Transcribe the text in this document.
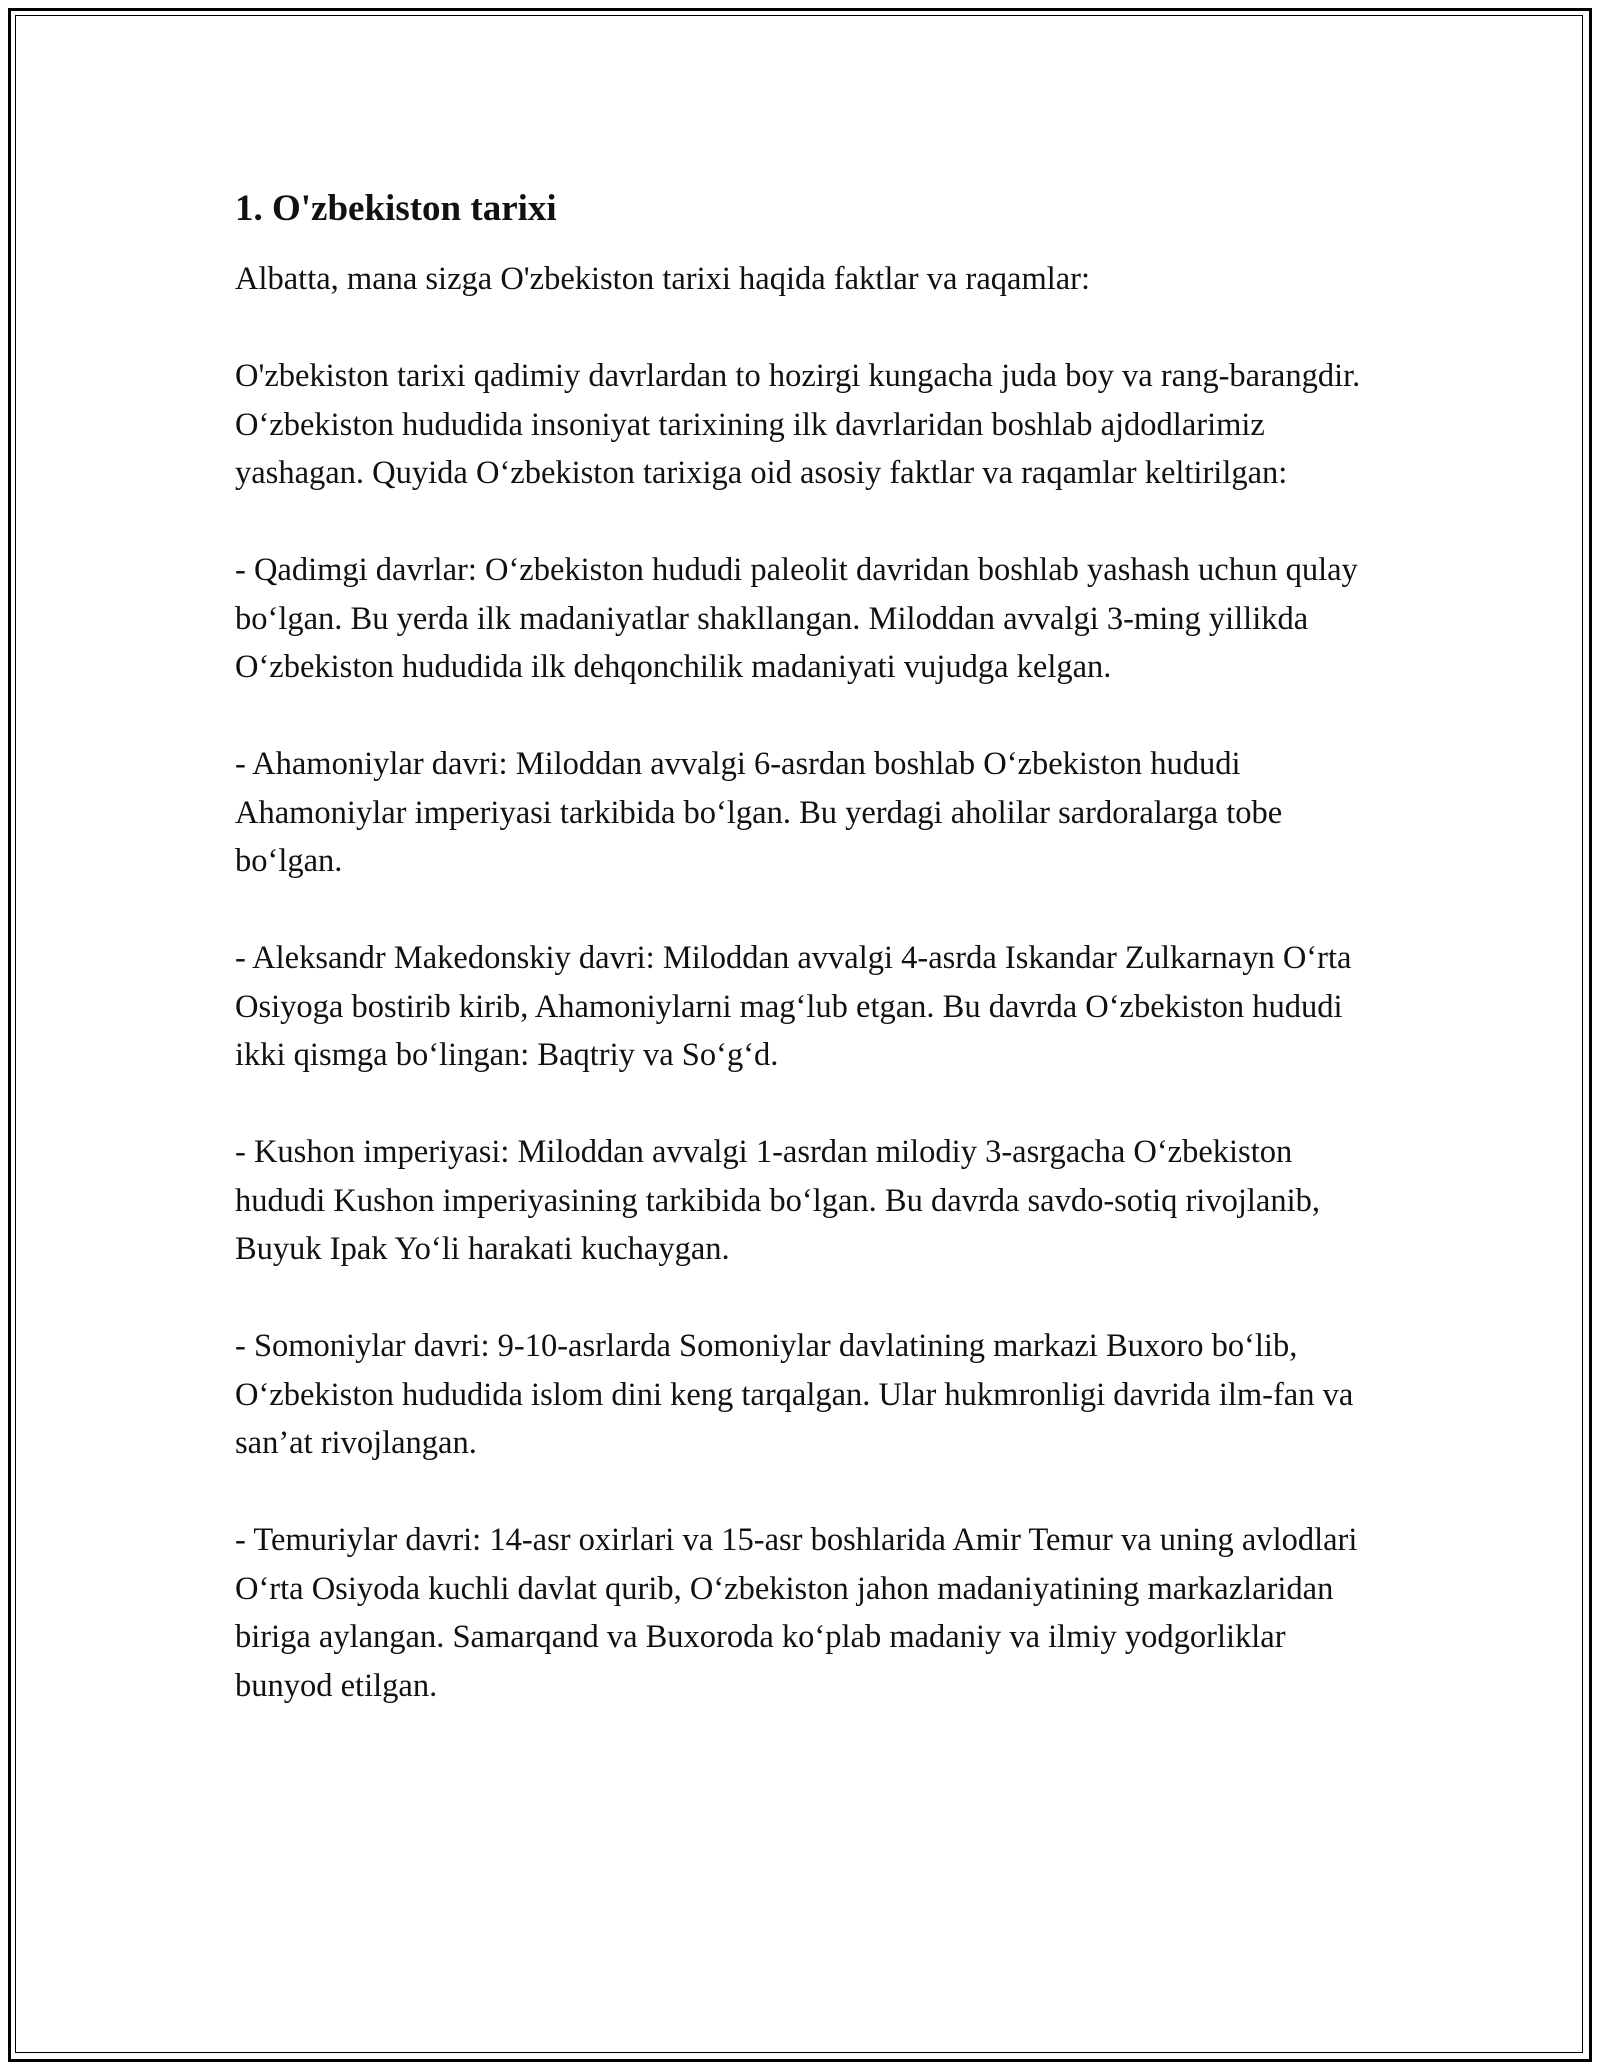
1. O'zbekiston tarixi

Albatta, mana sizga O'zbekiston tarixi haqida faktlar va raqamlar:

O'zbekiston tarixi qadimiy davrlardan to hozirgi kungacha juda boy va rang-barangdir. O‘zbekiston hududida insoniyat tarixining ilk davrlaridan boshlab ajdodlarimiz yashagan. Quyida O‘zbekiston tarixiga oid asosiy faktlar va raqamlar keltirilgan:

- Qadimgi davrlar: O‘zbekiston hududi paleolit davridan boshlab yashash uchun qulay bo‘lgan. Bu yerda ilk madaniyatlar shakllangan. Miloddan avvalgi 3-ming yillikda O‘zbekiston hududida ilk dehqonchilik madaniyati vujudga kelgan.

- Ahamoniylar davri: Miloddan avvalgi 6-asrdan boshlab O‘zbekiston hududi Ahamoniylar imperiyasi tarkibida bo‘lgan. Bu yerdagi aholilar sardoralarga tobe bo‘lgan.

- Aleksandr Makedonskiy davri: Miloddan avvalgi 4-asrda Iskandar Zulkarnayn O‘rta Osiyoga bostirib kirib, Ahamoniylarni mag‘lub etgan. Bu davrda O‘zbekiston hududi ikki qismga bo‘lingan: Baqtriy va So‘g‘d.

- Kushon imperiyasi: Miloddan avvalgi 1-asrdan milodiy 3-asrgacha O‘zbekiston hududi Kushon imperiyasining tarkibida bo‘lgan. Bu davrda savdo-sotiq rivojlanib, Buyuk Ipak Yo‘li harakati kuchaygan.

- Somoniylar davri: 9-10-asrlarda Somoniylar davlatining markazi Buxoro bo‘lib, O‘zbekiston hududida islom dini keng tarqalgan. Ular hukmronligi davrida ilm-fan va san’at rivojlangan.

- Temuriylar davri: 14-asr oxirlari va 15-asr boshlarida Amir Temur va uning avlodlari O‘rta Osiyoda kuchli davlat qurib, O‘zbekiston jahon madaniyatining markazlaridan biriga aylangan. Samarqand va Buxoroda ko‘plab madaniy va ilmiy yodgorliklar bunyod etilgan.
